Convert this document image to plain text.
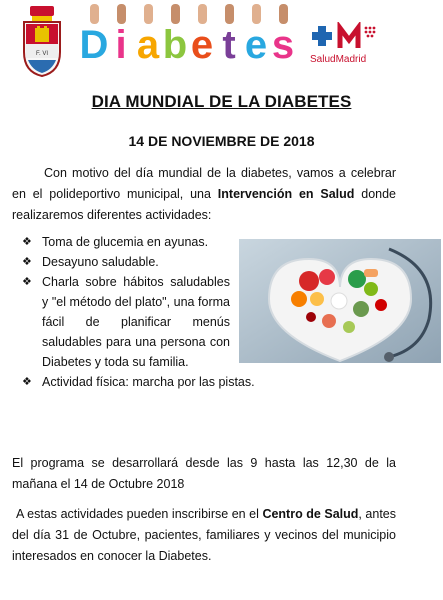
F. VI D i a b e t e s SaludMadrid
DIA MUNDIAL DE LA DIABETES
14 DE NOVIEMBRE DE 2018

Con motivo del día mundial de la diabetes, vamos a celebrar en el polideportivo municipal, una Intervención en Salud donde realizaremos diferentes actividades:

❖ Toma de glucemia en ayunas.
❖ Desayuno saludable.
❖ Charla sobre hábitos saludables y "el método del plato", una forma fácil de planificar menús saludables para una persona con Diabetes y toda su familia.
❖ Actividad física: marcha por las pistas.

El programa se desarrollará desde las 9 hasta las 12,30 de la mañana el 14 de Octubre 2018

A estas actividades pueden inscribirse en el Centro de Salud, antes del día 31 de Octubre, pacientes, familiares y vecinos del municipio interesados en conocer la Diabetes.
